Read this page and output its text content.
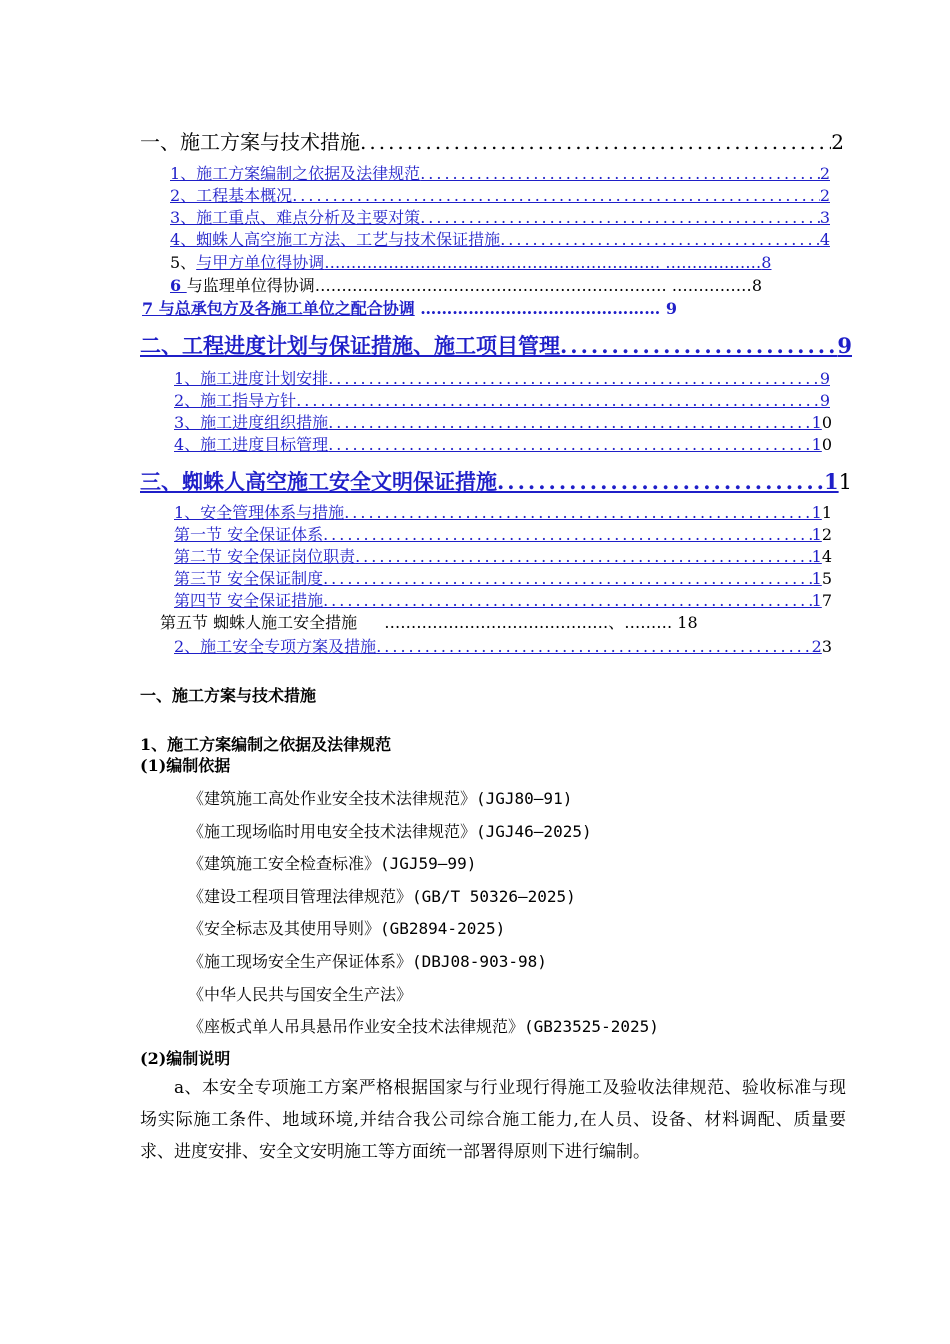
一、施工方案与技术措施 .....	2
1、施工方案编制之依据及法律规范 .....	2
2、工程基本概况 .....	2
3、施工重点、难点分析及主要对策 .....	3
4、蜘蛛人高空施工方法、工艺与技术保证措施 .....	4
5、与甲方单位得协调……………………………………………………… ………………8
6 与监理单位得协调………………………………………………………… ……………8
7 与总承包方及各施工单位之配合协调 ……………………………………… 9
二、工程进度计划与保证措施、施工项目管理 .....	9
1、施工进度计划安排 .....	9
2、施工指导方针 .....	9
3、施工进度组织措施 .....	1 0
4、施工进度目标管理 .....	1 0
三、蜘蛛人高空施工安全文明保证措施 .....	1 1
1、安全管理体系与措施 .....	1 1
第一节 安全保证体系 .....	1 2
第二节 安全保证岗位职责 .....	1 4
第三节 安全保证制度 .....	1 5
第四节 安全保证措施 .....	1 7
第五节 蜘蛛人施工安全措施 ……………………………………、……… 18
2、施工安全专项方案及措施 .....	2 3
一、施工方案与技术措施
1、施工方案编制之依据及法律规范
(1)编制依据
《建筑施工高处作业安全技术法律规范》(JGJ80—91)
《施工现场临时用电安全技术法律规范》(JGJ46—2025)
《建筑施工安全检查标准》(JGJ59—99)
《建设工程项目管理法律规范》(GB/T 50326—2025)
《安全标志及其使用导则》(GB2894-2025)
《施工现场安全生产保证体系》(DBJ08-903-98)
《中华人民共与国安全生产法》
《座板式单人吊具悬吊作业安全技术法律规范》(GB23525-2025)
(2)编制说明

a、本安全专项施工方案严格根据国家与行业现行得施工及验收法律规范、验收标准与现场实际施工条件、地域环境,并结合我公司综合施工能力,在人员、设备、材料调配、质量要求、进度安排、安全文安明施工等方面统一部署得原则下进行编制。
